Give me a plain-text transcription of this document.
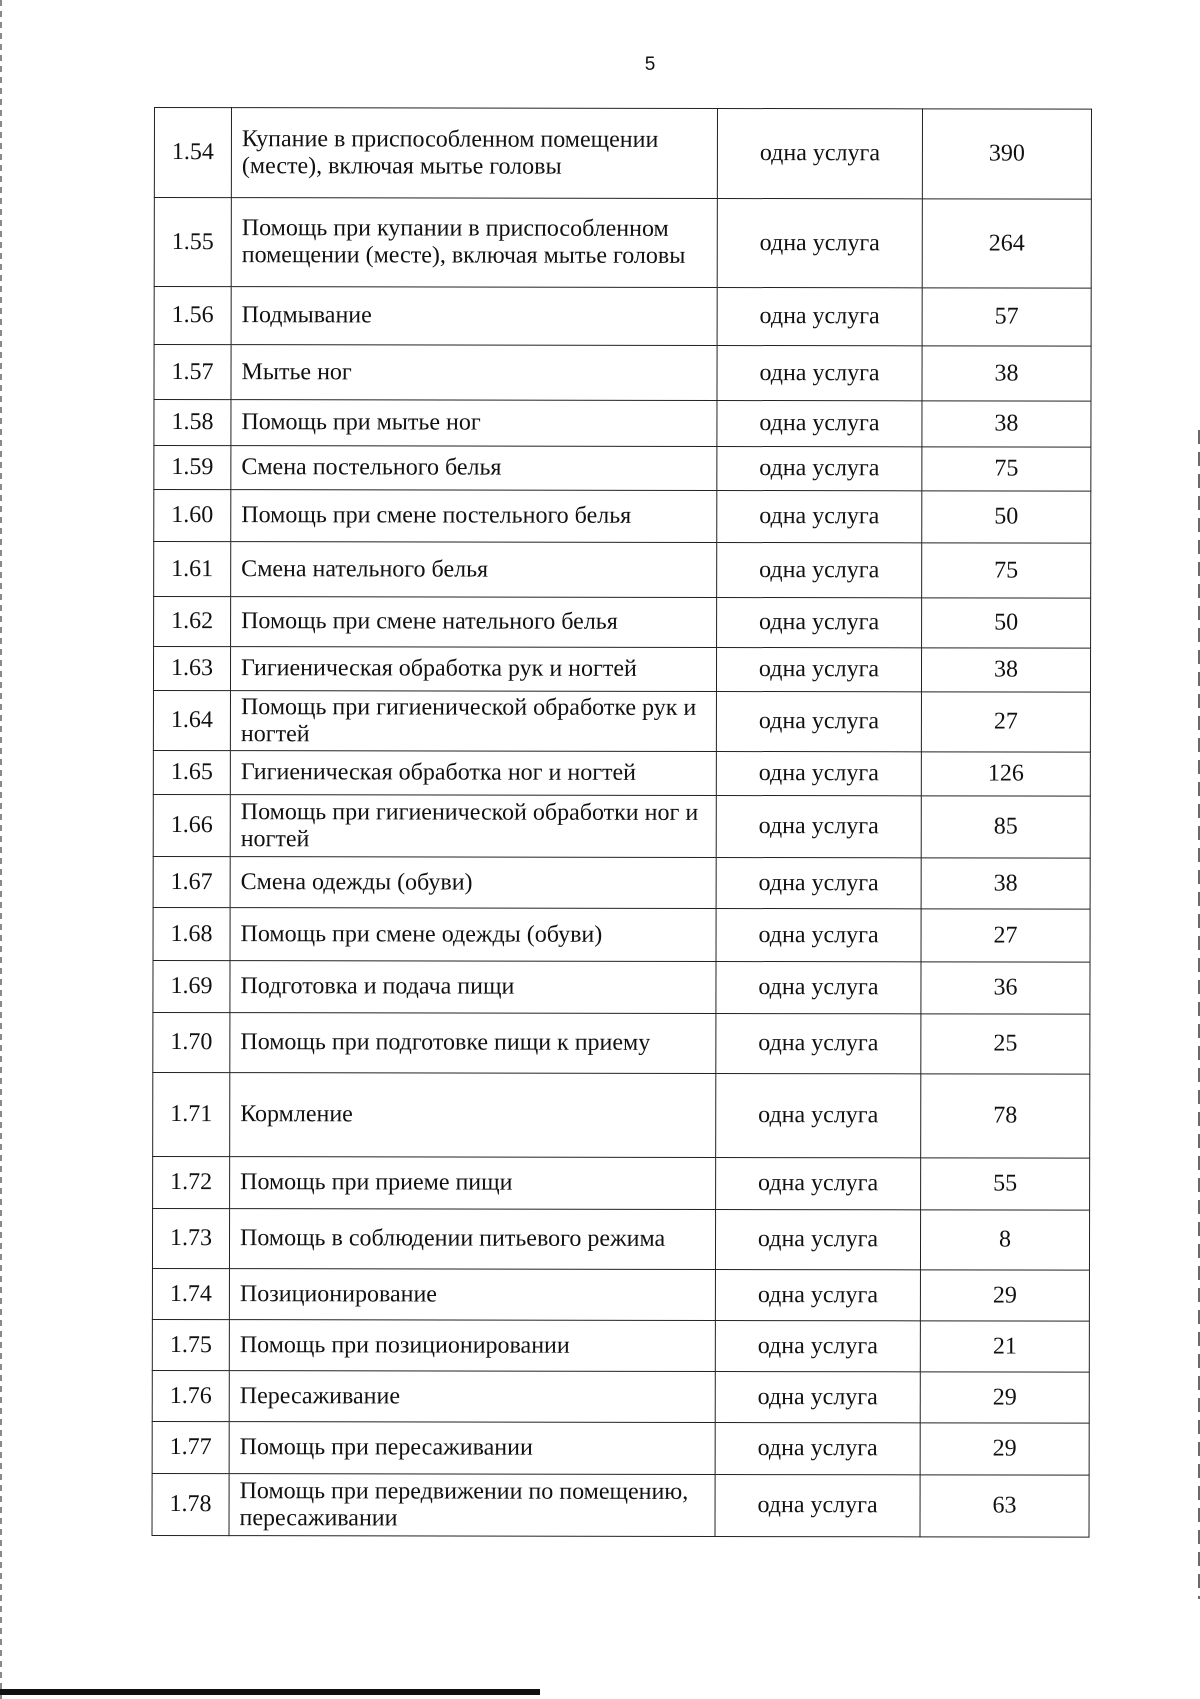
5
1.54	Купание в приспособленном помещении (месте), включая мытье головы	одна услуга	390
1.55	Помощь при купании в приспособленном помещении (месте), включая мытье головы	одна услуга	264
1.56	Подмывание	одна услуга	57
1.57	Мытье ног	одна услуга	38
1.58	Помощь при мытье ног	одна услуга	38
1.59	Смена постельного белья	одна услуга	75
1.60	Помощь при смене постельного белья	одна услуга	50
1.61	Смена нательного белья	одна услуга	75
1.62	Помощь при смене нательного белья	одна услуга	50
1.63	Гигиеническая обработка рук и ногтей	одна услуга	38
1.64	Помощь при гигиенической обработке рук и ногтей	одна услуга	27
1.65	Гигиеническая обработка ног и ногтей	одна услуга	126
1.66	Помощь при гигиенической обработки ног и ногтей	одна услуга	85
1.67	Смена одежды (обуви)	одна услуга	38
1.68	Помощь при смене одежды (обуви)	одна услуга	27
1.69	Подготовка и подача пищи	одна услуга	36
1.70	Помощь при подготовке пищи к приему	одна услуга	25
1.71	Кормление	одна услуга	78
1.72	Помощь при приеме пищи	одна услуга	55
1.73	Помощь в соблюдении питьевого режима	одна услуга	8
1.74	Позиционирование	одна услуга	29
1.75	Помощь при позиционировании	одна услуга	21
1.76	Пересаживание	одна услуга	29
1.77	Помощь при пересаживании	одна услуга	29
1.78	Помощь при передвижении по помещению, пересаживании	одна услуга	63
